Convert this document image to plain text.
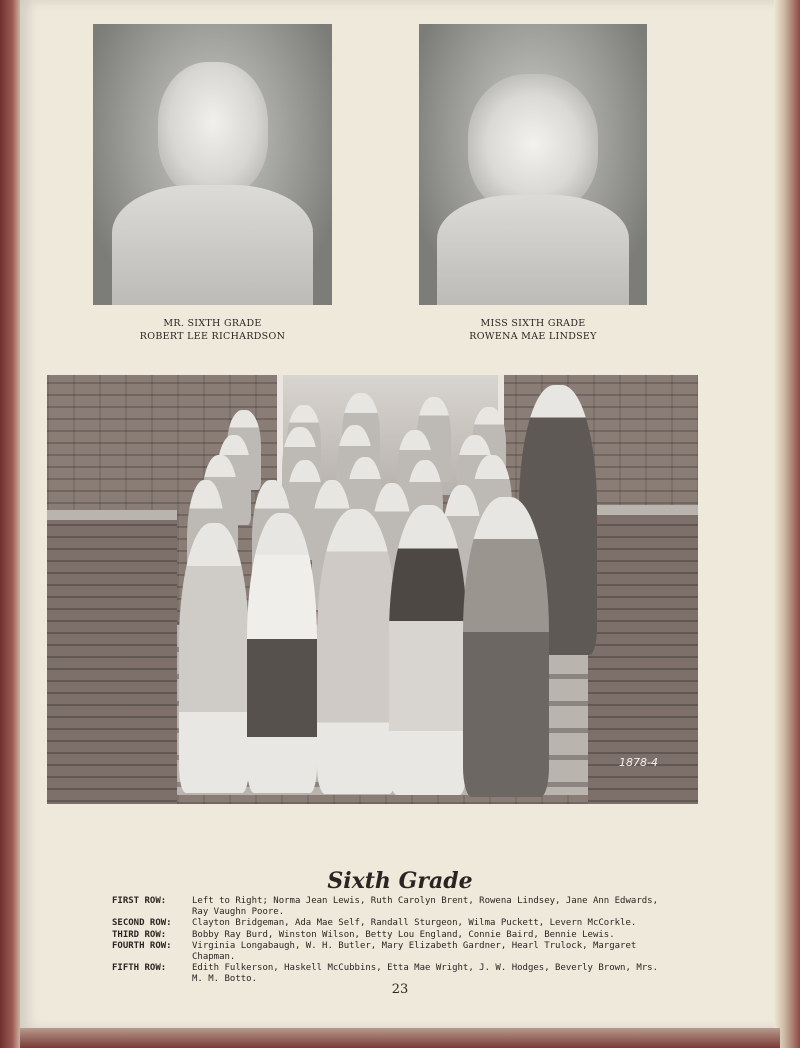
MR. SIXTH GRADE
ROBERT LEE RICHARDSON
MISS SIXTH GRADE
ROWENA MAE LINDSEY
1878-4
Sixth Grade
FIRST ROW:	Left to Right; Norma Jean Lewis, Ruth Carolyn Brent, Rowena Lindsey, Jane Ann Edwards, Ray Vaughn Poore.
SECOND ROW:	Clayton Bridgeman, Ada Mae Self, Randall Sturgeon, Wilma Puckett, Levern McCorkle.
THIRD ROW:	Bobby Ray Burd, Winston Wilson, Betty Lou England, Connie Baird, Bennie Lewis.
FOURTH ROW:	Virginia Longabaugh, W. H. Butler, Mary Elizabeth Gardner, Hearl Trulock, Margaret Chapman.
FIFTH ROW:	Edith Fulkerson, Haskell McCubbins, Etta Mae Wright, J. W. Hodges, Beverly Brown, Mrs. M. M. Botto.
23
